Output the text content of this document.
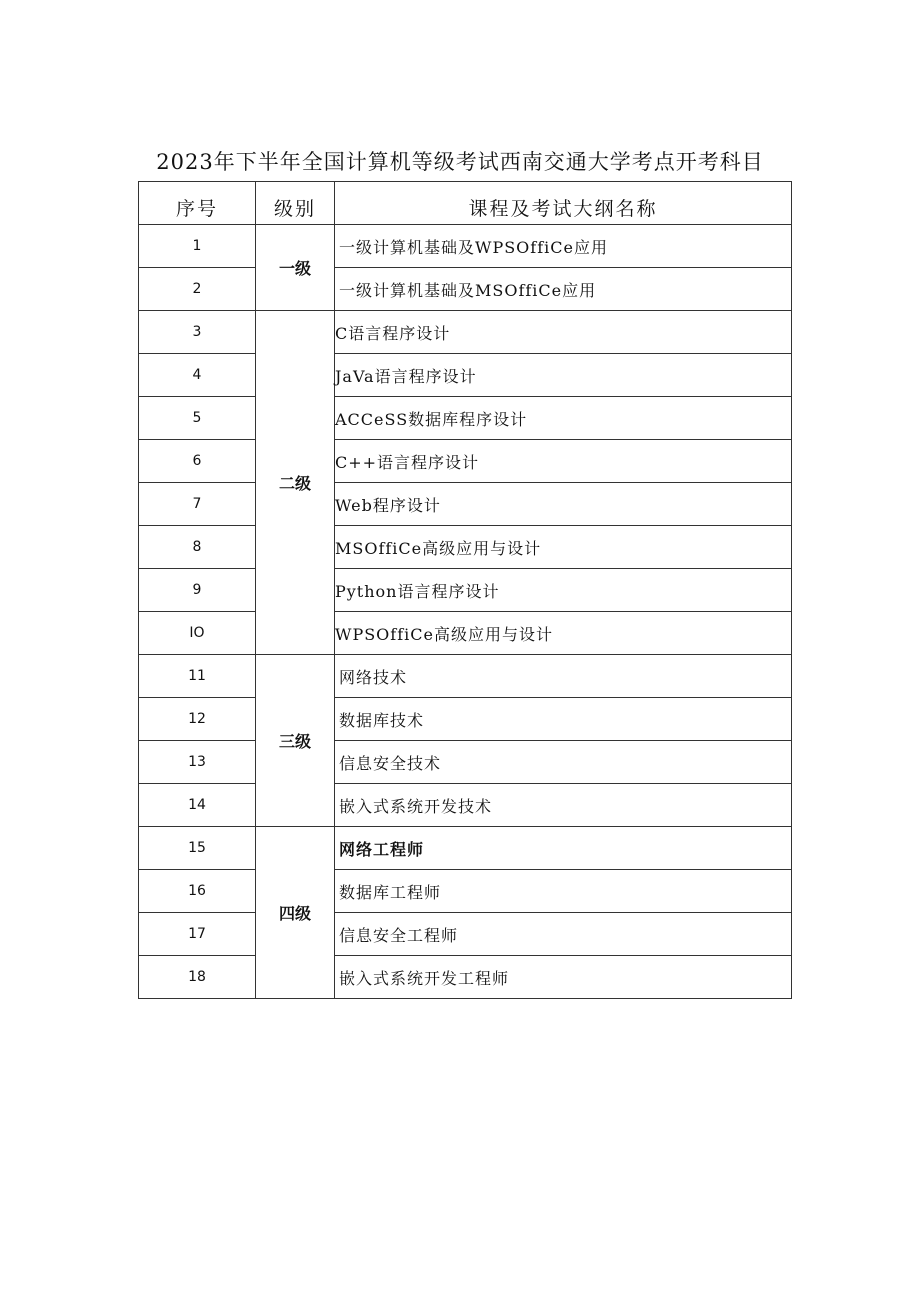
2023年下半年全国计算机等级考试西南交通大学考点开考科目
序号	级别	课程及考试大纲名称
1	一级	一级计算机基础及WPSOffiCe应用
2		一级计算机基础及MSOffiCe应用
3	二级	C语言程序设计
4		JaVa语言程序设计
5		ACCeSS数据库程序设计
6		C++语言程序设计
7		Web程序设计
8		MSOffiCe高级应用与设计
9		Python语言程序设计
IO		WPSOffiCe高级应用与设计
11	三级	网络技术
12		数据库技术
13		信息安全技术
14		嵌入式系统开发技术
15	四级	网络工程师
16		数据库工程师
17		信息安全工程师
18		嵌入式系统开发工程师
